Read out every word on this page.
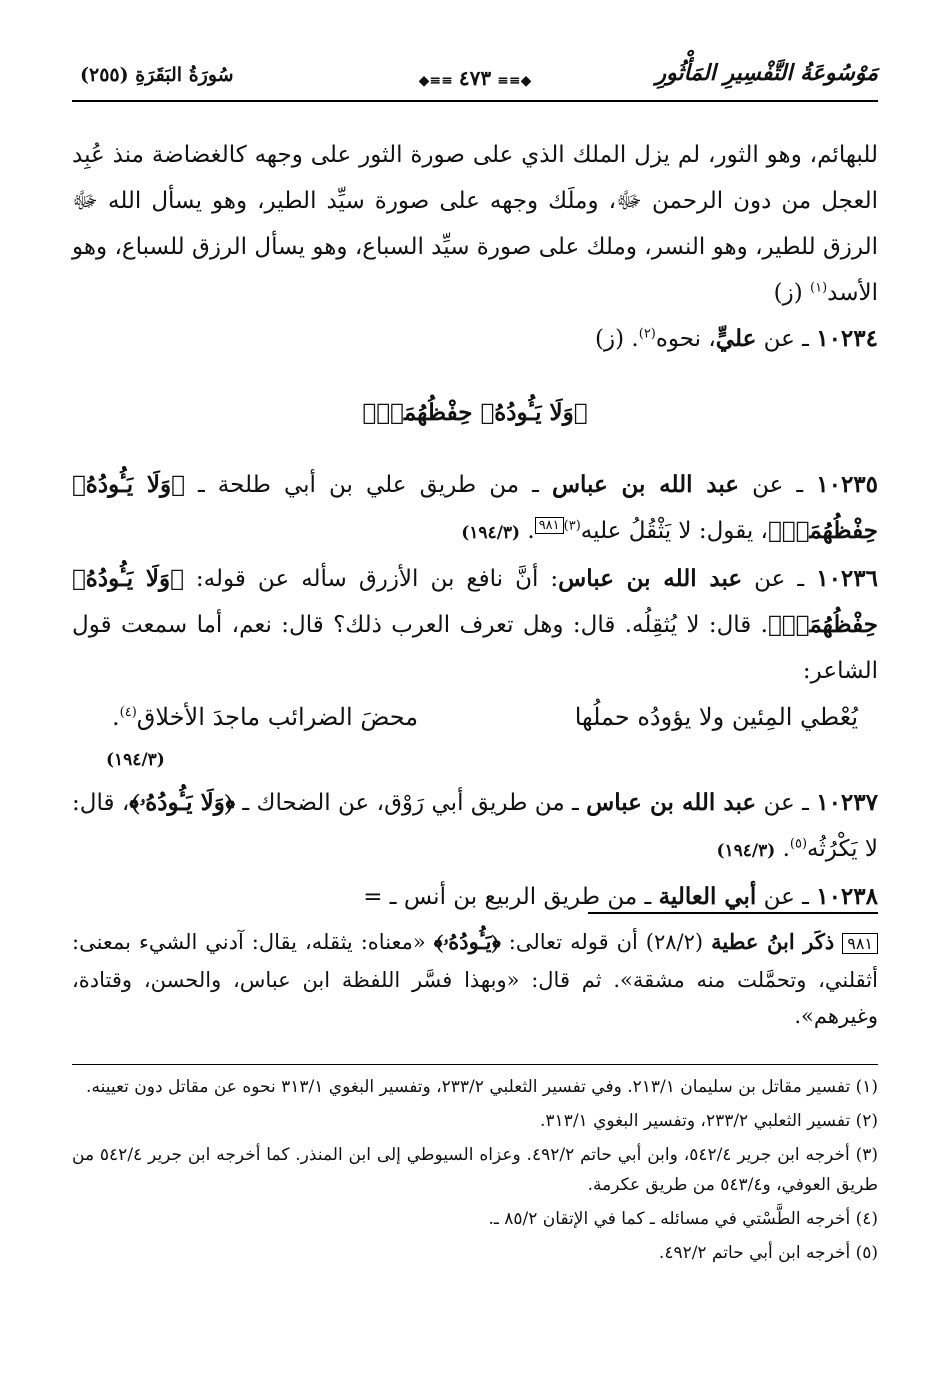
مَوْسُوعَةُ التَّفْسِيرِ المَأْثُورِ
◆≡≡٤٧٣≡≡◆
سُورَةُ البَقَرَةِ (٢٥٥)

للبهائم، وهو الثور، لم يزل الملك الذي على صورة الثور على وجهه كالغضاضة منذ عُبِد العجل من دون الرحمن ﷻ، وملَك وجهه على صورة سيِّد الطير، وهو يسأل الله ﷻ الرزق للطير، وهو النسر، وملك على صورة سيِّد السباع، وهو يسأل الرزق للسباع، وهو الأسد$^{(١)}$ (ز)

١٠٢٣٤ ـ عن عليٍّ، نحوه$^{(٢)}$. (ز)

﴿وَلَا يَـُٔودُهُۥ حِفْظُهُمَاۚ﴾

١٠٢٣٥ ـ عن عبد الله بن عباس ـ من طريق علي بن أبي طلحة ـ ﴿وَلَا يَـُٔودُهُۥ حِفْظُهُمَاۚ﴾، يقول: لا يَثْقُلُ عليه$^{(٣)٩٨١}$. (١٩٤/٣)

١٠٢٣٦ ـ عن عبد الله بن عباس: أنَّ نافع بن الأزرق سأله عن قوله: ﴿وَلَا يَـُٔودُهُۥ حِفْظُهُمَاۚ﴾. قال: لا يُثقِلُه. قال: وهل تعرف العرب ذلك؟ قال: نعم، أما سمعت قول الشاعر:

يُعْطي المِئين ولا يؤودُه حملُها
محضَ الضرائب ماجدَ الأخلاق$^{(٤)}$.
(١٩٤/٣)

١٠٢٣٧ ـ عن عبد الله بن عباس ـ من طريق أبي رَوْق، عن الضحاك ـ ﴿وَلَا يَـُٔودُهُۥ﴾، قال: لا يَكْرُثُه$^{(٥)}$. (١٩٤/٣)

١٠٢٣٨ ـ عن أبي العالية ـ من طريق الربيع بن أنس ـ =

٩٨١ ذكَر ابنُ عطية (٢٨/٢) أن قوله تعالى: ﴿يَـُٔودُهُۥ﴾ «معناه: يثقله، يقال: آدني الشيء بمعنى: أثقلني، وتحمَّلت منه مشقة». ثم قال: «وبهذا فسَّر اللفظة ابن عباس، والحسن، وقتادة، وغيرهم».

(١) تفسير مقاتل بن سليمان ٢١٣/١. وفي تفسير الثعلبي ٢٣٣/٢، وتفسير البغوي ٣١٣/١ نحوه عن مقاتل دون تعيينه.

(٢) تفسير الثعلبي ٢٣٣/٢، وتفسير البغوي ٣١٣/١.

(٣) أخرجه ابن جرير ٥٤٢/٤، وابن أبي حاتم ٤٩٢/٢. وعزاه السيوطي إلى ابن المنذر. كما أخرجه ابن جرير ٥٤٢/٤ من طريق العوفي، و٥٤٣/٤ من طريق عكرمة.

(٤) أخرجه الطَّسْتي في مسائله ـ كما في الإتقان ٨٥/٢ ـ.

(٥) أخرجه ابن أبي حاتم ٤٩٢/٢.
